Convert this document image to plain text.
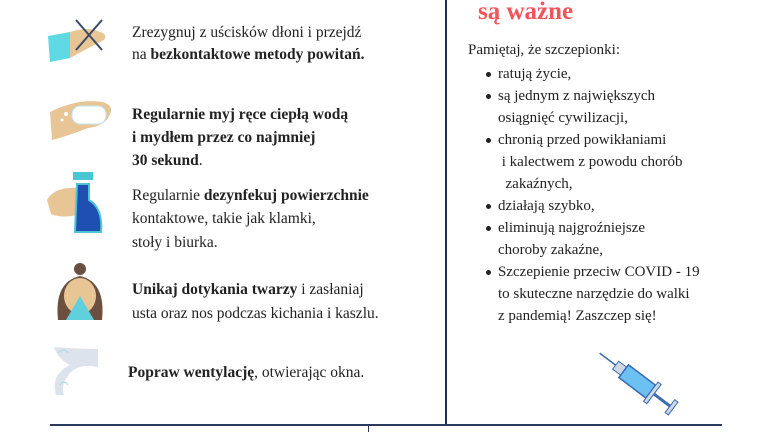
Zrezygnuj z uścisków dłoni i przejdź
na bezkontaktowe metody powitań.
Regularnie myj ręce ciepłą wodą
i mydłem przez co najmniej
30 sekund.
Regularnie dezynfekuj powierzchnie
kontaktowe, takie jak klamki,
stoły i biurka.
Unikaj dotykania twarzy i zasłaniaj
usta oraz nos podczas kichania i kaszlu.
Popraw wentylację, otwierając okna.
są ważne
Pamiętaj, że szczepionki:
ratują życie,
są jednym z największych
osiągnięć cywilizacji,
chronią przed powikłaniami
i kalectwem z powodu chorób
zakaźnych,
działają szybko,
eliminują najgroźniejsze
choroby zakaźne,
Szczepienie przeciw COVID - 19
to skuteczne narzędzie do walki
z pandemią! Zaszczep się!
